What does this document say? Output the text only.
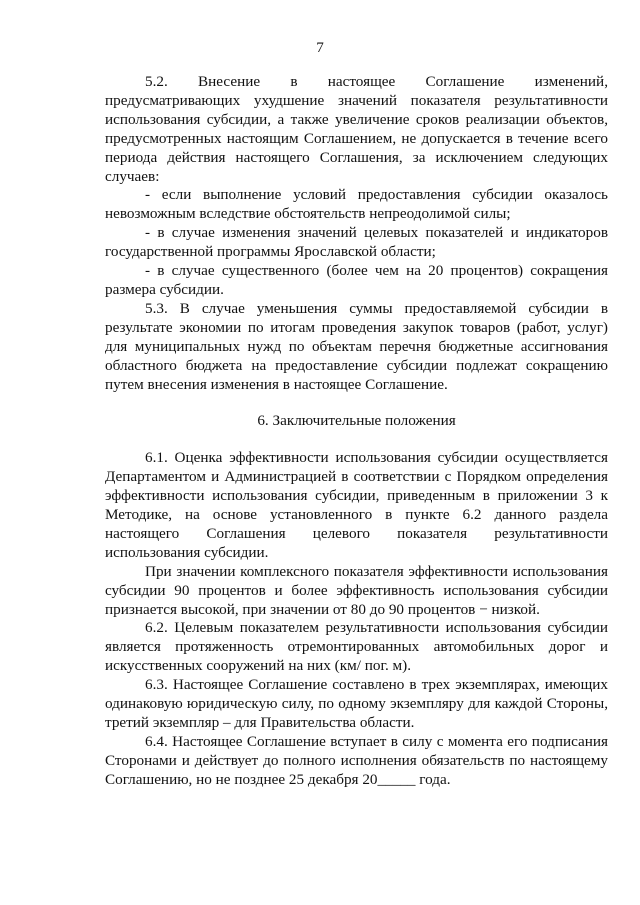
7

5.2. Внесение в настоящее Соглашение изменений, предусматривающих ухудшение значений показателя результативности использования субсидии, а также увеличение сроков реализации объектов, предусмотренных настоящим Соглашением, не допускается в течение всего периода действия настоящего Соглашения, за исключением следующих случаев:

- если выполнение условий предоставления субсидии оказалось невозможным вследствие обстоятельств непреодолимой силы;

- в случае изменения значений целевых показателей и индикаторов государственной программы Ярославской области;

- в случае существенного (более чем на 20 процентов) сокращения размера субсидии.

5.3. В случае уменьшения суммы предоставляемой субсидии в результате экономии по итогам проведения закупок товаров (работ, услуг) для муниципальных нужд по объектам перечня бюджетные ассигнования областного бюджета на предоставление субсидии подлежат сокращению путем внесения изменения в настоящее Соглашение.

6. Заключительные положения

6.1. Оценка эффективности использования субсидии осуществляется Департаментом и Администрацией в соответствии с Порядком определения эффективности использования субсидии, приведенным в приложении 3 к Методике, на основе установленного в пункте 6.2 данного раздела настоящего Соглашения целевого показателя результативности использования субсидии.

При значении комплексного показателя эффективности использования субсидии 90 процентов и более эффективность использования субсидии признается высокой, при значении от 80 до 90 процентов − низкой.

6.2. Целевым показателем результативности использования субсидии является протяженность отремонтированных автомобильных дорог и искусственных сооружений на них (км/ пог. м).

6.3. Настоящее Соглашение составлено в трех экземплярах, имеющих одинаковую юридическую силу, по одному экземпляру для каждой Стороны, третий экземпляр – для Правительства области.

6.4. Настоящее Соглашение вступает в силу с момента его подписания Сторонами и действует до полного исполнения обязательств по настоящему Соглашению, но не позднее 25 декабря 20_____ года.
